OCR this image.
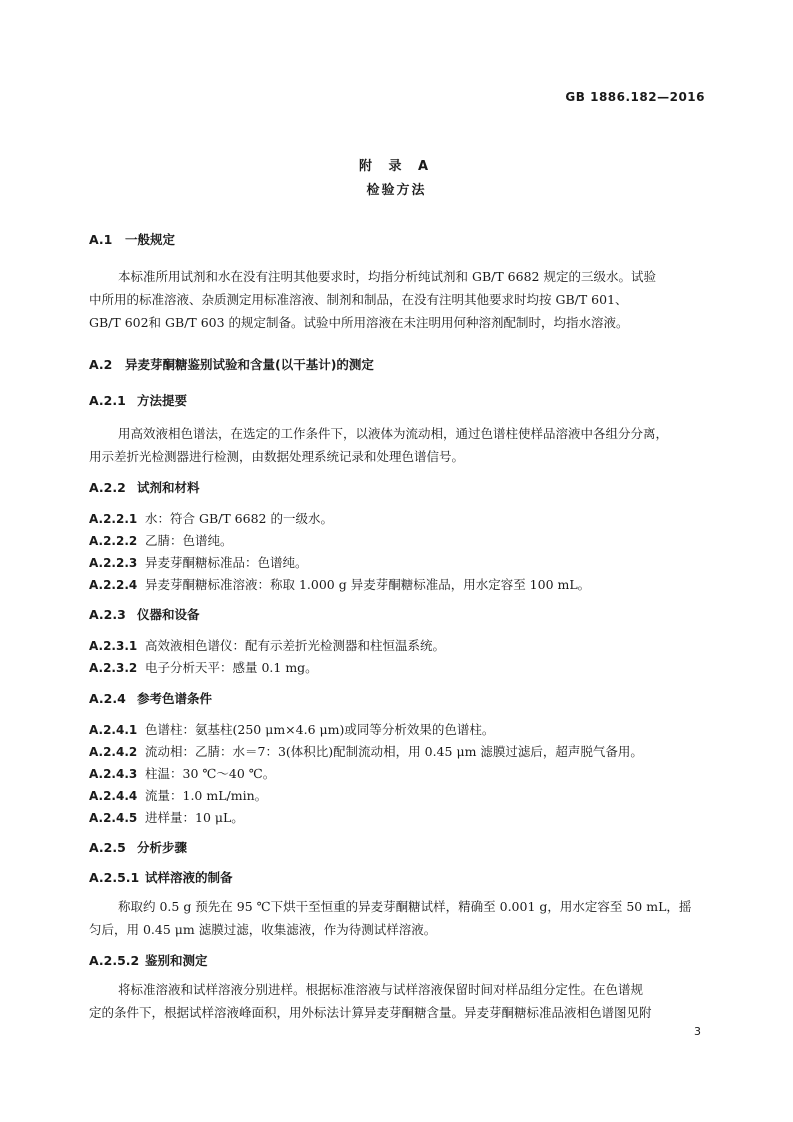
GB 1886.182—2016
附 录 A
检验方法
A.1 一般规定
本标准所用试剂和水在没有注明其他要求时，均指分析纯试剂和 GB/T 6682 规定的三级水。试验
中所用的标准溶液、杂质测定用标准溶液、制剂和制品，在没有注明其他要求时均按 GB/T 601、
GB/T 602和 GB/T 603 的规定制备。试验中所用溶液在未注明用何种溶剂配制时，均指水溶液。
A.2 异麦芽酮糖鉴别试验和含量(以干基计)的测定
A.2.1 方法提要
用高效液相色谱法，在选定的工作条件下，以液体为流动相，通过色谱柱使样品溶液中各组分分离，
用示差折光检测器进行检测，由数据处理系统记录和处理色谱信号。
A.2.2 试剂和材料
A.2.2.1 水：符合 GB/T 6682 的一级水。
A.2.2.2 乙腈：色谱纯。
A.2.2.3 异麦芽酮糖标准品：色谱纯。
A.2.2.4 异麦芽酮糖标准溶液：称取 1.000 g 异麦芽酮糖标准品，用水定容至 100 mL。
A.2.3 仪器和设备
A.2.3.1 高效液相色谱仪：配有示差折光检测器和柱恒温系统。
A.2.3.2 电子分析天平：感量 0.1 mg。
A.2.4 参考色谱条件
A.2.4.1 色谱柱：氨基柱(250 μm×4.6 μm)或同等分析效果的色谱柱。
A.2.4.2 流动相：乙腈：水＝7：3(体积比)配制流动相，用 0.45 μm 滤膜过滤后，超声脱气备用。
A.2.4.3 柱温：30 ℃～40 ℃。
A.2.4.4 流量：1.0 mL/min。
A.2.4.5 进样量：10 μL。
A.2.5 分析步骤
A.2.5.1 试样溶液的制备
称取约 0.5 g 预先在 95 ℃下烘干至恒重的异麦芽酮糖试样，精确至 0.001 g，用水定容至 50 mL，摇
匀后，用 0.45 μm 滤膜过滤，收集滤液，作为待测试样溶液。
A.2.5.2 鉴别和测定
将标准溶液和试样溶液分别进样。根据标准溶液与试样溶液保留时间对样品组分定性。在色谱规
定的条件下，根据试样溶液峰面积，用外标法计算异麦芽酮糖含量。异麦芽酮糖标准品液相色谱图见附
3
